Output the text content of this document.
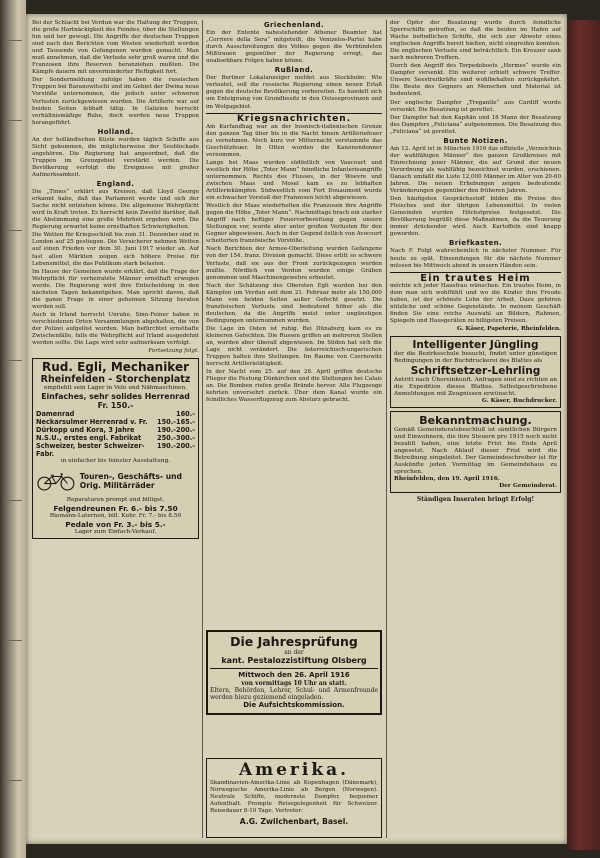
Bei der Schlacht bei Verdun war die Haltung der Truppen, die große Hartnäckigkeit des Feindes, über die Stellungen hin und her gewogt. Die Angriffe der deutschen Truppen sind nach den Berichten vom Westen wiederholt worden und Tausende von Gefangenen wurden gemacht. Man muß annehmen, daß die Verluste sehr groß waren und die Franzosen ihre Reserven heranziehen mußten. Die Kämpfe dauern mit unverminderter Heftigkeit fort.

Der Sondermeldung zufolge haben die russischen Truppen bei Baranowitschi und im Gebiet der Dwina neue Vorstöße unternommen, die jedoch unter schweren Verlusten zurückgewiesen wurden. Die Artillerie war auf beiden Seiten lebhaft tätig. In Galizien herrscht verhältnismäßige Ruhe, doch werden neue Truppen herangeführt.

Holland.

An der holländischen Küste wurden täglich Schiffe aus Sicht gekommen, die möglicherweise der Seeblockade angehören. Die Regierung hat angeordnet, daß die Truppen im Grenzgebiet verstärkt werden. Die Bevölkerung verfolgt die Ereignisse mit großer Aufmerksamkeit.

England.

Die „Times“ erklärt aus Kreisen, daß Lloyd George erkannt habe, daß das Parlament werde und sich der Sache nicht entziehen könne. Die allgemeine Wehrpflicht wird in Kraft treten. Es herrscht kein Zweifel darüber, daß die Abstimmung eine große Mehrheit ergeben wird. Die Regierung erwartet keine ernsthaften Schwierigkeiten.

Die Wetten für Kriegsschluß bis zum 31. Dezember sind in London auf 25 gestiegen. Die Versicherer nehmen Wetten auf einen Frieden vor dem 30. Juni 1917 wieder an. Auf fast allen Märkten zeigen sich höhere Preise für Lebensmittel, die das Publikum stark belasten.

Im Hause der Gemeinen wurde erklärt, daß die Frage der Wehrpflicht für verheiratete Männer ernsthaft erwogen werde. Die Regierung wird ihre Entscheidung in den nächsten Tagen bekanntgeben. Man spricht davon, daß die ganze Frage in einer geheimen Sitzung beraten werden soll.

Auch in Irland herrscht Unruhe. Sinn-Feiner haben in verschiedenen Orten Versammlungen abgehalten, die von der Polizei aufgelöst wurden. Man befürchtet ernsthafte Zwischenfälle, falls die Wehrpflicht auf Irland ausgedehnt werden sollte. Die Lage wird sehr aufmerksam verfolgt.

Fortsetzung folgt.

Rud. Egli, Mechaniker
Rheinfelden - Storchenplatz
empfiehlt sein Lager in Velo und Nähmaschinen.
Einfaches, sehr solides Herrenrad Fr. 150.-
Damenrad	160.-
Neckarsulmer Herrenrad v. Fr. 150.-165.-
Dürkopp und Kora, 3 Jahre	190.-200.-
N.S.U., erstes engl. Fabrikat 250.-300.-
Schweizer, bester Schweizer-Fabr.
190.-200.-
in einfacher bis feinster Ausstattung.
Touren-, Geschäfts- und Orig. Militärräder
Reparaturen prompt und billigst.
Felgendreunen Fr. 6.- bis 7.50
Riemann-Laternen, bill. Kuhr. Fr. 7.- bis 8.50
Pedale von Fr. 3.- bis 5.-
Lager zum Einfach-Verkauf.
Griechenland.

Ein der Entente nahestehender Athener Beamter hat „Corriere della Sera“ mitgeteilt, die Venizelos-Partei habe durch Ausschreitungen des Volkes gegen die Verbündeten Mißtrauen gegenüber der Regierung erregt, das unabsehbare Folgen haben könne.

Rußland.

Der Berliner Lokalanzeiger meldet aus Stockholm: Wie verlautet, soll die russische Regierung einen neuen Erlaß gegen die deutsche Bevölkerung vorbereiten. Es handelt sich um Enteignung von Grundbesitz in den Ostseeprovinzen und im Wolgagebiet.

Kriegsnachrichten.

Am Kurfandhag war an der bosnisch-italienischen Grenze den ganzen Tag über bis in die Nacht hinein Artilleriefeuer zu vernehmen. Noch kurz vor Mitternacht verstummte das Geschützfeuer. In Olten wurden die Kanonendonner vernommen.

Lange bei Maas wurden südöstlich von Vaucourt und westlich der Höhe „Toter Mann“ feindliche Infanterieangriffe unternommen. Rechts des Flusses, in der Woevre und zwischen Maas und Mosel kam es zu lebhaften Artilleriekämpfen. Südwestlich vom Fort Douaumont wurde ein schwacher Vorstoß der Franzosen leicht abgewiesen.

Westlich der Maas wiederholten die Franzosen ihre Angriffe gegen die Höhe „Toter Mann“. Nachmittags brach ein starker Angriff nach heftiger Feuervorbereitung gegen unsere Stellungen vor, wurde aber unter großen Verlusten für den Gegner abgewiesen. Auch in der Gegend östlich von Avocourt scheiterten französische Vorstöße.

Nach Berichten der Armee-Oberleitung wurden Gefangene von der 154. franz. Division gemacht. Diese erlitt so schwere Verluste, daß sie aus der Front zurückgezogen werden mußte. Nördlich von Verdun wurden einige Gräben genommen und Maschinengewehre erbeutet.

Nach der Schätzung des Obersten Egli wurden bei den Kämpfen um Verdun seit dem 21. Februar mehr als 150,000 Mann von beiden Seiten außer Gefecht gesetzt. Die französischen Verluste sind bedeutend höher als die deutschen, da die Angriffe meist unter ungünstigen Bedingungen unternommen wurden.

Die Lage im Osten ist ruhig. Bei Dünaburg kam es zu kleineren Gefechten. Die Russen griffen an mehreren Stellen an, wurden aber überall abgewiesen. Im Süden hat sich die Lage nicht verändert. Die österreichisch-ungarischen Truppen halten ihre Stellungen. Im Raume von Czernowitz herrscht Artillerietätigkeit.

In der Nacht vom 25. auf den 26. April griffen deutsche Flieger die Festung Dünkirchen und die Stellungen bei Calais an. Die Bomben riefen große Brände hervor. Alle Flugzeuge kehrten unversehrt zurück. Über dem Kanal wurde ein feindliches Wasserflugzeug zum Absturz gebracht.

Die Jahresprüfung
an der
kant. Pestalozzistiftung Olsberg
Mittwoch den 26. April 1916
von vormittags 10 Uhr an statt.
Eltern, Behörden, Lehrer, Schul- und Armenfreunde werden hiezu geziemend eingeladen.
Die Aufsichtskommission.
Amerika.
Skandinavien-Amerika-Linie ab Kopenhagen (Dänemark), Norwegische Amerika-Linie ab Bergen (Norwegen). Neutrale Schiffe, modernste Dampfer, bequemer Aufenthalt. Prompte Reisegelegenheit für Schweizer. Reisedauer 8-10 Tage. Vertreter:
A.G. Zwilchenbart, Basel.

der Opfer der Besatzung wurde durch feindliche Sperrschiffe getroffen, so daß die beiden im Hafen auf Wache befindlichen Schiffe, die sich zur Abwehr eines englischen Angriffs bereit hielten, nicht eingreifen konnten. Die englischen Verluste sind beträchtlich. Ein Kreuzer sank nach mehreren Treffern.

Durch den Angriff des Torpedoboots „Hermes“ wurde ein Dampfer versenkt. Ein weiterer erhielt schwere Treffer. Unsere Seestreitkräfte sind wohlbehalten zurückgekehrt. Die Beute des Gegners an Menschen und Material ist bedeutend.

Der englische Dampfer „Tregantle“ aus Cardiff wurde versenkt. Die Besatzung ist gerettet.

Der Dampfer hat den Kapitän und 18 Mann der Besatzung des Dampfers „Feliciana“ aufgenommen. Die Besatzung des „Feliciana“ ist gerettet.

Bunte Notizen.

Am 12. April ist in München 1916 das offizielle „Verzeichnis der wahlfähigen Männer“ des ganzen Großkreises mit Einrechnung jener Männer, die auf Grund der neuen Verordnung als wahlfähig bezeichnet wurden, erschienen. Danach umfaßt die Liste 12,000 Männer im Alter von 20-60 Jahren. Die neuen Erhebungen zeigen bedeutende Veränderungen gegenüber den früheren Jahren.

Den häufigsten Gesprächsstoff bilden die Preise des Fleisches und der übrigen Lebensmittel. In vielen Gemeinden wurden Höchstpreise festgesetzt. Die Bevölkerung begrüßt diese Maßnahmen, da die Teuerung immer drückender wird. Auch Kartoffeln sind knapp geworden.

Briefkasten.

Nach F. Folgt wahrscheinlich in nächster Nummer. Für heute zu spät. Einsendungen für die nächste Nummer müssen bis Mittwoch abend in unsern Händen sein.

Ein trautes Heim

möchte ich jeder Hausfrau wünschen. Ein trautes Heim, in dem man sich wohlfühlt und wo die Kinder ihre Freude haben, ist der schönste Lohn der Arbeit. Dazu gehören nützliche und schöne Gegenstände. In meinem Geschäft finden Sie eine reiche Auswahl an Bildern, Rahmen, Spiegeln und Hausgeräten zu billigsten Preisen.

G. Käser, Papeterie, Rheinfelden.

Intelligenter Jüngling
der die Bezirksschule besucht, findet unter günstigen Bedingungen in der Buchdruckerei des Blattes als
Schriftsetzer-Lehrling
Antritt nach Übereinkunft. Anfragen sind zu richten an die Expedition dieses Blattes. Selbstgeschriebene Anmeldungen mit Zeugnissen erwünscht.
G. Käser, Buchdrucker.
Bekanntmachung.
Gemäß Gemeinderatsbeschluß ist sämtlichen Bürgern und Einwohnern, die ihre Steuern pro 1915 noch nicht bezahlt haben, eine letzte Frist bis Ende April angesetzt. Nach Ablauf dieser Frist wird die Betreibung eingeleitet. Der Gemeindeschreiber ist für Auskünfte jeden Vormittag im Gemeindehaus zu sprechen.
Rheinfelden, den 19. April 1916.
Der Gemeinderat.
Ständigen Inseraten bringt Erfolg!
